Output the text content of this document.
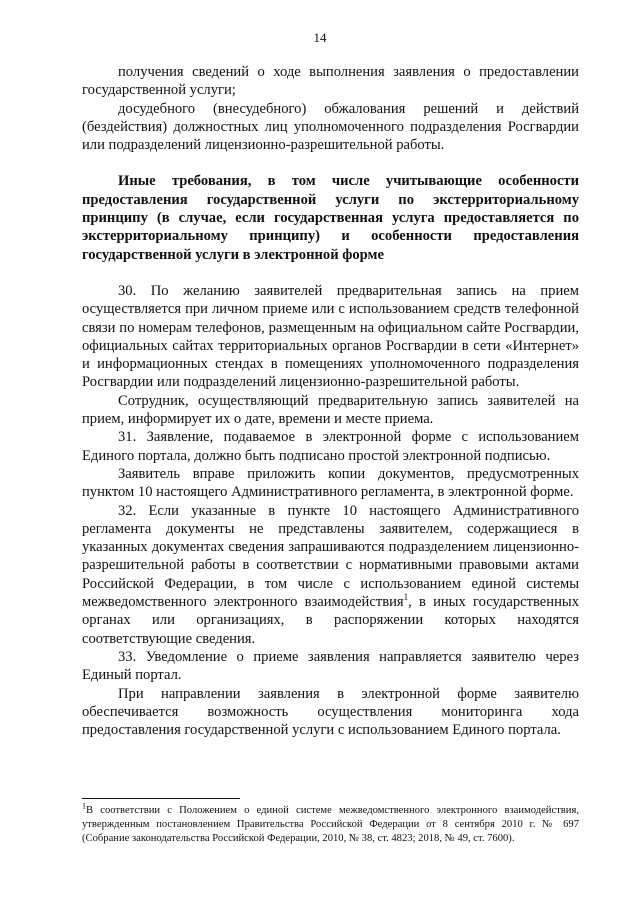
14

получения сведений о ходе выполнения заявления о предоставлении государственной услуги;

досудебного (внесудебного) обжалования решений и действий (бездействия) должностных лиц уполномоченного подразделения Росгвардии или подразделений лицензионно-разрешительной работы.

Иные требования, в том числе учитывающие особенности предоставления государственной услуги по экстерриториальному принципу (в случае, если государственная услуга предоставляется по экстерриториальному принципу) и особенности предоставления государственной услуги в электронной форме

30. По желанию заявителей предварительная запись на прием осуществляется при личном приеме или с использованием средств телефонной связи по номерам телефонов, размещенным на официальном сайте Росгвардии, официальных сайтах территориальных органов Росгвардии в сети «Интернет» и информационных стендах в помещениях уполномоченного подразделения Росгвардии или подразделений лицензионно-разрешительной работы.

Сотрудник, осуществляющий предварительную запись заявителей на прием, информирует их о дате, времени и месте приема.

31. Заявление, подаваемое в электронной форме с использованием Единого портала, должно быть подписано простой электронной подписью.

Заявитель вправе приложить копии документов, предусмотренных пунктом 10 настоящего Административного регламента, в электронной форме.

32. Если указанные в пункте 10 настоящего Административного регламента документы не представлены заявителем, содержащиеся в указанных документах сведения запрашиваются подразделением лицензионно-разрешительной работы в соответствии с нормативными правовыми актами Российской Федерации, в том числе с использованием единой системы межведомственного электронного взаимодействия$^1$, в иных государственных органах или организациях, в распоряжении которых находятся соответствующие сведения.

33. Уведомление о приеме заявления направляется заявителю через Единый портал.

При направлении заявления в электронной форме заявителю обеспечивается возможность осуществления мониторинга хода предоставления государственной услуги с использованием Единого портала.

$^1$В соответствии с Положением о единой системе межведомственного электронного взаимодействия, утвержденным постановлением Правительства Российской Федерации от 8 сентября 2010 г. № 697 (Собрание законодательства Российской Федерации, 2010, № 38, ст. 4823; 2018, № 49, ст. 7600).
